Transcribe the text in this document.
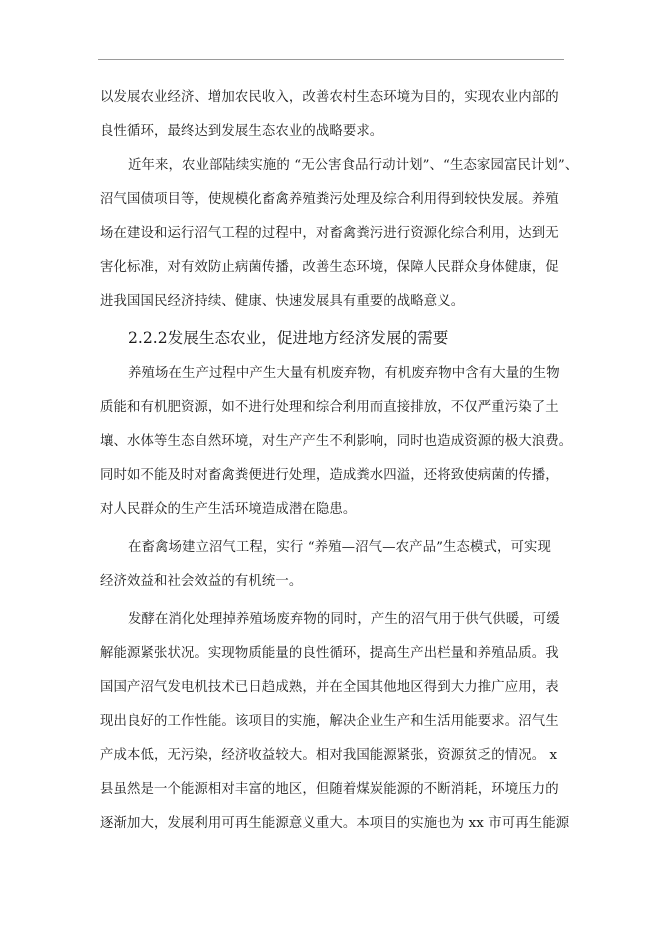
以发展农业经济、增加农民收入，改善农村生态环境为目的，实现农业内部的
良性循环，最终达到发展生态农业的战略要求。
近年来，农业部陆续实施的 “无公害食品行动计划”、“生态家园富民计划”、
沼气国债项目等，使规模化畜禽养殖粪污处理及综合利用得到较快发展。养殖
场在建设和运行沼气工程的过程中，对畜禽粪污进行资源化综合利用，达到无
害化标准，对有效防止病菌传播，改善生态环境，保障人民群众身体健康，促
进我国国民经济持续、健康、快速发展具有重要的战略意义。
2.2.2发展生态农业，促进地方经济发展的需要
养殖场在生产过程中产生大量有机废弃物，有机废弃物中含有大量的生物
质能和有机肥资源，如不进行处理和综合利用而直接排放，不仅严重污染了土
壤、水体等生态自然环境，对生产产生不利影响，同时也造成资源的极大浪费。
同时如不能及时对畜禽粪便进行处理，造成粪水四溢，还将致使病菌的传播，
对人民群众的生产生活环境造成潜在隐患。
在畜禽场建立沼气工程，实行 “养殖—沼气—农产品”生态模式，可实现
经济效益和社会效益的有机统一。
发酵在消化处理掉养殖场废弃物的同时，产生的沼气用于供气供暖，可缓
解能源紧张状况。实现物质能量的良性循环，提高生产出栏量和养殖品质。我
国国产沼气发电机技术已日趋成熟，并在全国其他地区得到大力推广应用，表
现出良好的工作性能。该项目的实施，解决企业生产和生活用能要求。沼气生
产成本低，无污染，经济收益较大。相对我国能源紧张，资源贫乏的情况。 x
县虽然是一个能源相对丰富的地区，但随着煤炭能源的不断消耗，环境压力的
逐渐加大，发展利用可再生能源意义重大。本项目的实施也为 xx 市可再生能源
